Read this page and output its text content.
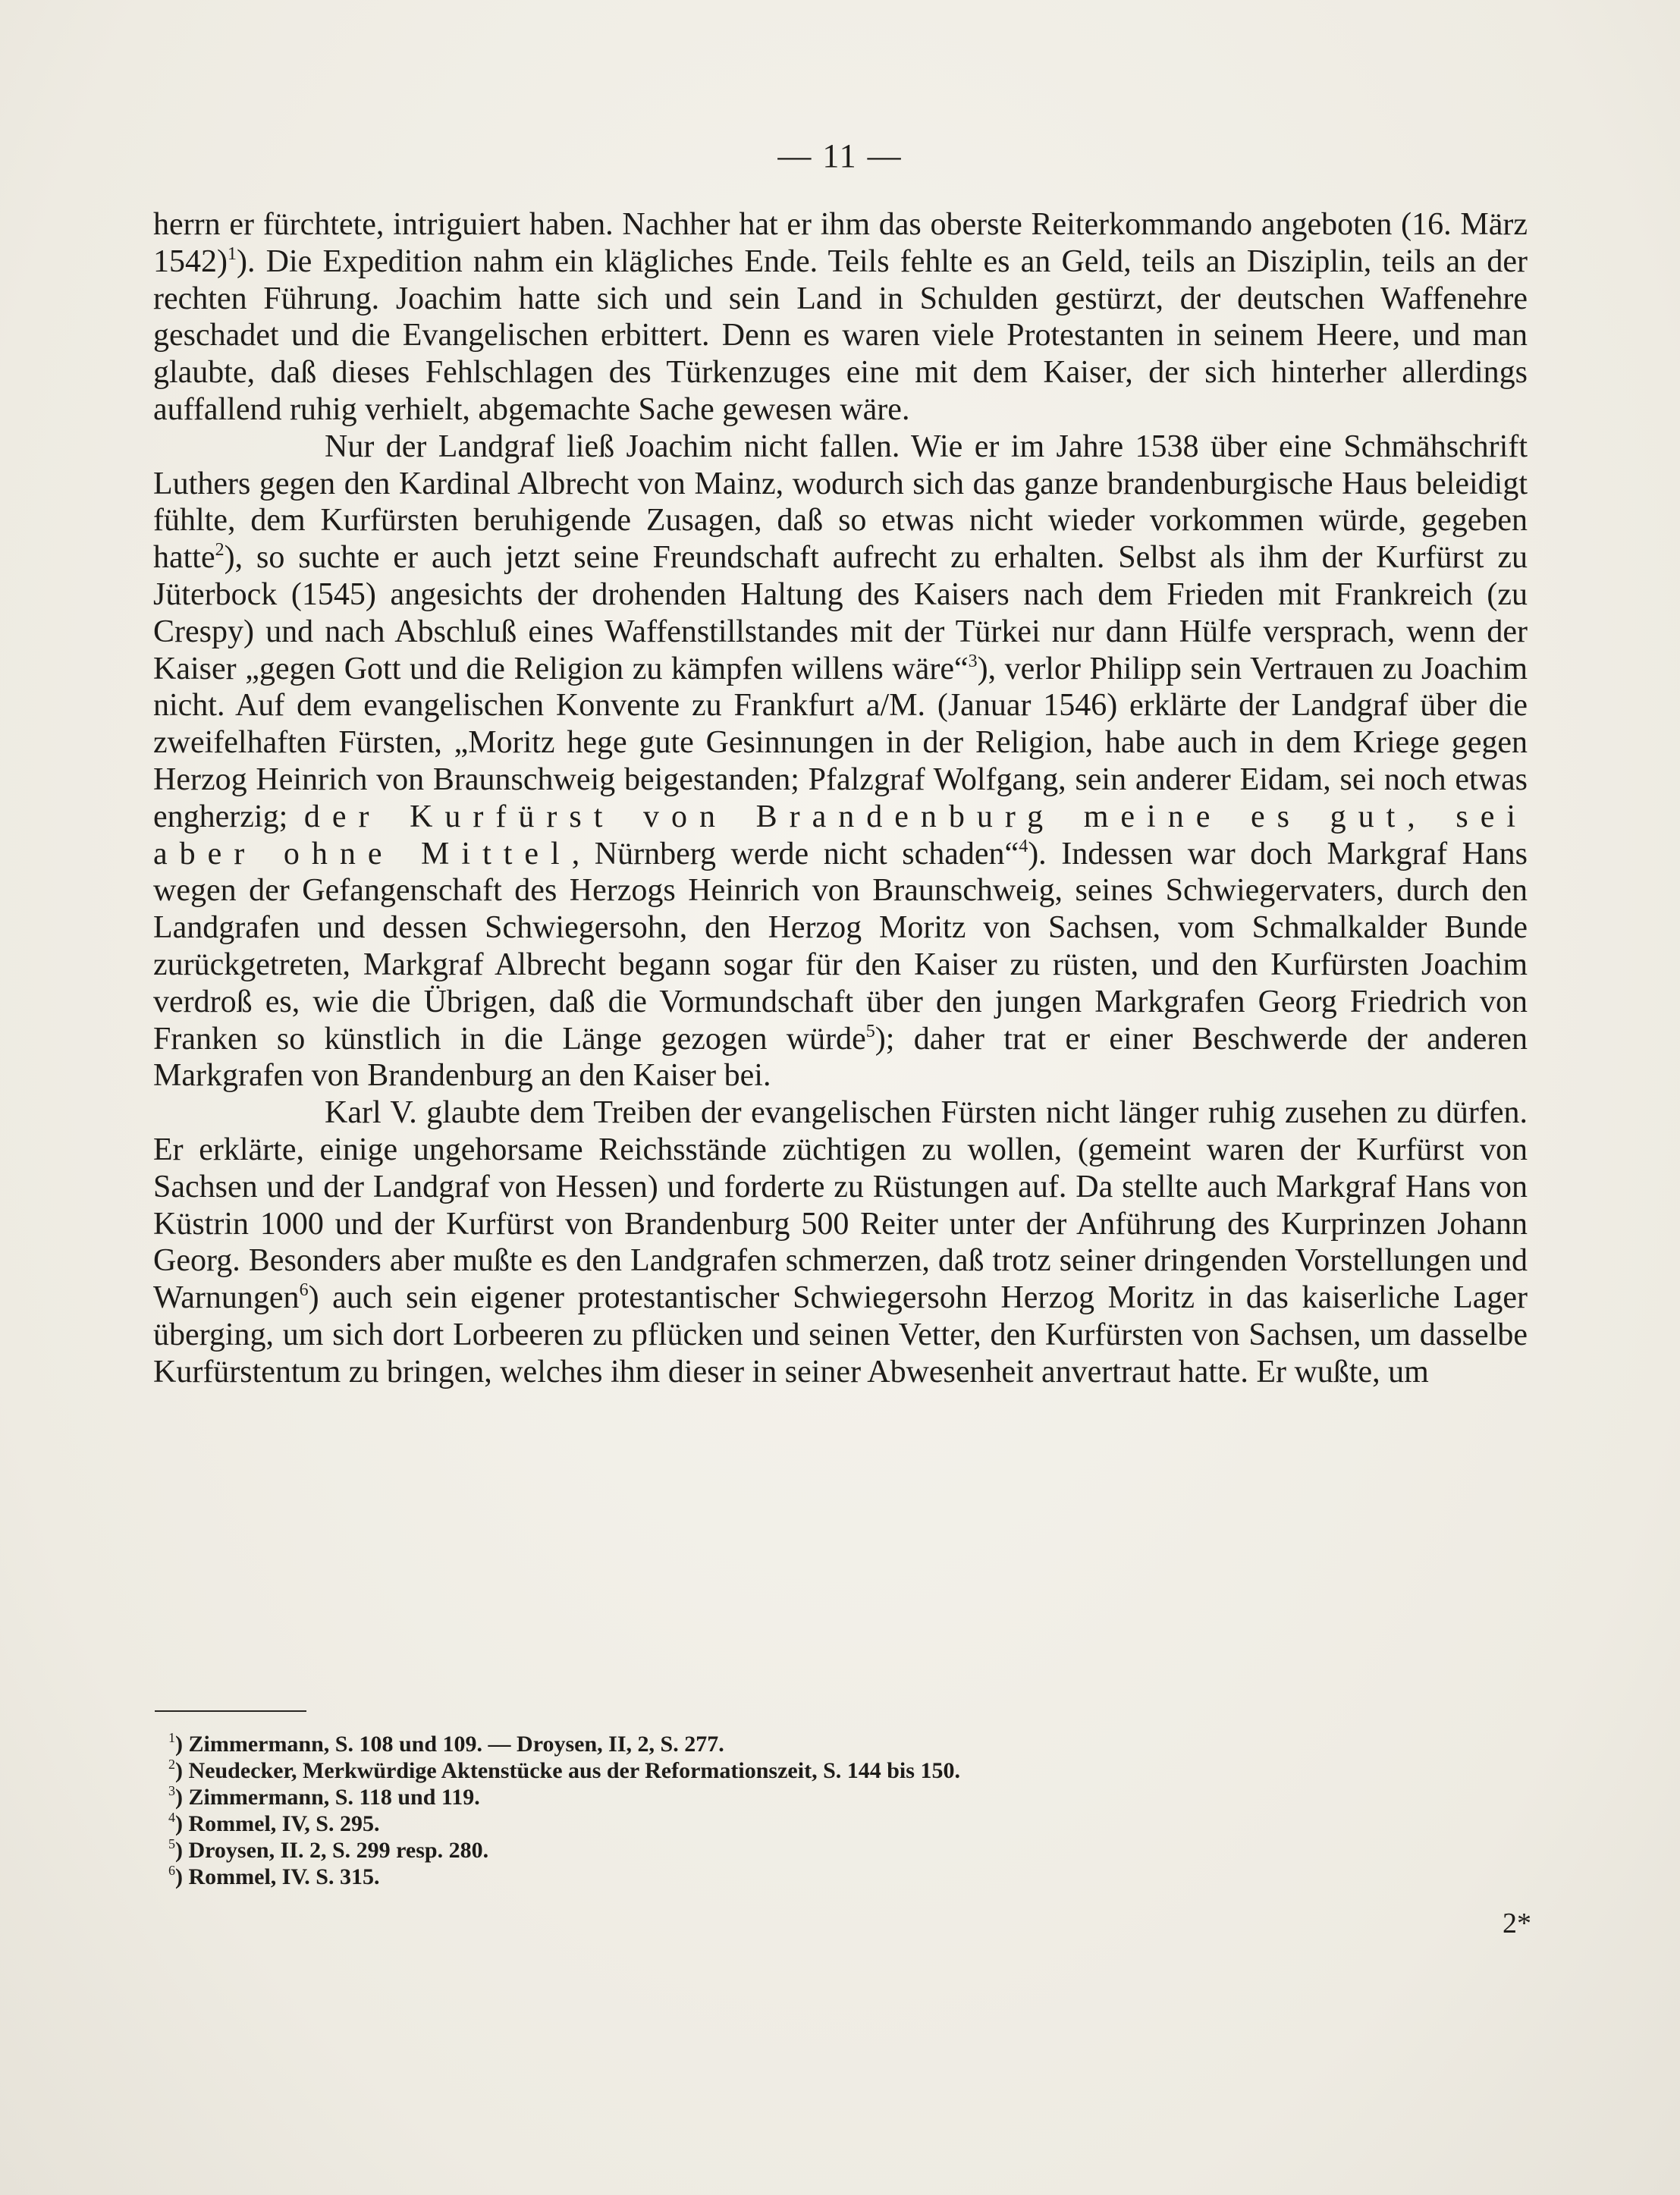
— 11 —

herrn er fürchtete, intriguiert haben. Nachher hat er ihm das oberste Reiterkommando angeboten (16. März 1542)$^1$). Die Expedition nahm ein klägliches Ende. Teils fehlte es an Geld, teils an Disziplin, teils an der rechten Führung. Joachim hatte sich und sein Land in Schulden gestürzt, der deutschen Waffenehre geschadet und die Evangelischen erbittert. Denn es waren viele Protestanten in seinem Heere, und man glaubte, daß dieses Fehlschlagen des Türkenzuges eine mit dem Kaiser, der sich hinterher allerdings auffallend ruhig verhielt, abgemachte Sache gewesen wäre.

Nur der Landgraf ließ Joachim nicht fallen. Wie er im Jahre 1538 über eine Schmähschrift Luthers gegen den Kardinal Albrecht von Mainz, wodurch sich das ganze brandenburgische Haus beleidigt fühlte, dem Kurfürsten beruhigende Zusagen, daß so etwas nicht wieder vorkommen würde, gegeben hatte$^2$), so suchte er auch jetzt seine Freundschaft aufrecht zu erhalten. Selbst als ihm der Kurfürst zu Jüterbock (1545) angesichts der drohenden Haltung des Kaisers nach dem Frieden mit Frankreich (zu Crespy) und nach Abschluß eines Waffenstillstandes mit der Türkei nur dann Hülfe versprach, wenn der Kaiser „gegen Gott und die Religion zu kämpfen willens wäre“$^3$), verlor Philipp sein Vertrauen zu Joachim nicht. Auf dem evangelischen Konvente zu Frankfurt a/M. (Januar 1546) erklärte der Landgraf über die zweifelhaften Fürsten, „Moritz hege gute Gesinnungen in der Religion, habe auch in dem Kriege gegen Herzog Heinrich von Braunschweig beigestanden; Pfalzgraf Wolfgang, sein anderer Eidam, sei noch etwas engherzig; der Kurfürst von Brandenburg meine es gut, sei aber ohne Mittel, Nürnberg werde nicht schaden“$^4$). Indessen war doch Markgraf Hans wegen der Gefangenschaft des Herzogs Heinrich von Braunschweig, seines Schwiegervaters, durch den Landgrafen und dessen Schwiegersohn, den Herzog Moritz von Sachsen, vom Schmalkalder Bunde zurückgetreten, Markgraf Albrecht begann sogar für den Kaiser zu rüsten, und den Kurfürsten Joachim verdroß es, wie die Übrigen, daß die Vormundschaft über den jungen Markgrafen Georg Friedrich von Franken so künstlich in die Länge gezogen würde$^5$); daher trat er einer Beschwerde der anderen Markgrafen von Brandenburg an den Kaiser bei.

Karl V. glaubte dem Treiben der evangelischen Fürsten nicht länger ruhig zusehen zu dürfen. Er erklärte, einige ungehorsame Reichsstände züchtigen zu wollen, (gemeint waren der Kurfürst von Sachsen und der Landgraf von Hessen) und forderte zu Rüstungen auf. Da stellte auch Markgraf Hans von Küstrin 1000 und der Kurfürst von Brandenburg 500 Reiter unter der Anführung des Kurprinzen Johann Georg. Besonders aber mußte es den Landgrafen schmerzen, daß trotz seiner dringenden Vorstellungen und Warnungen$^6$) auch sein eigener protestantischer Schwiegersohn Herzog Moritz in das kaiserliche Lager überging, um sich dort Lorbeeren zu pflücken und seinen Vetter, den Kurfürsten von Sachsen, um dasselbe Kurfürstentum zu bringen, welches ihm dieser in seiner Abwesenheit anvertraut hatte. Er wußte, um

$^1$) Zimmermann, S. 108 und 109. — Droysen, II, 2, S. 277.
$^2$) Neudecker, Merkwürdige Aktenstücke aus der Reformationszeit, S. 144 bis 150.
$^3$) Zimmermann, S. 118 und 119.
$^4$) Rommel, IV, S. 295.
$^5$) Droysen, II. 2, S. 299 resp. 280.
$^6$) Rommel, IV. S. 315.
2*
